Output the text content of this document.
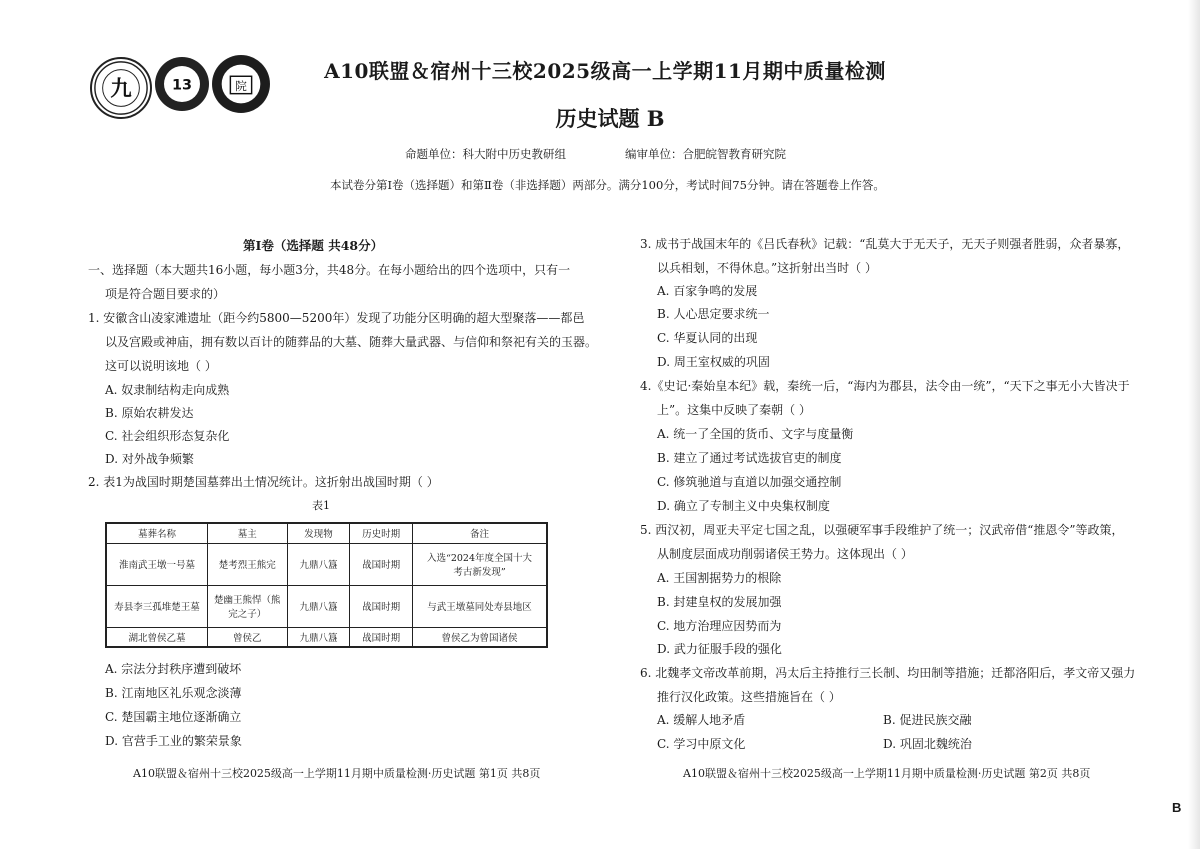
九	13	院
A10联盟＆宿州十三校2025级高一上学期11月期中质量检测
历史试题 B
命题单位：科大附中历史教研组	编审单位：合肥皖智教育研究院
本试卷分第Ⅰ卷（选择题）和第Ⅱ卷（非选择题）两部分。满分100分，考试时间75分钟。请在答题卷上作答。
第Ⅰ卷（选择题 共48分）
一、选择题（本大题共16小题，每小题3分，共48分。在每小题给出的四个选项中，只有一
项是符合题目要求的）
1. 安徽含山凌家滩遗址（距今约5800—5200年）发现了功能分区明确的超大型聚落——都邑
以及宫殿或神庙，拥有数以百计的随葬品的大墓、随葬大量武器、与信仰和祭祀有关的玉器。
这可以说明该地（ ）
A. 奴隶制结构走向成熟
B. 原始农耕发达
C. 社会组织形态复杂化
D. 对外战争频繁
2. 表1为战国时期楚国墓葬出土情况统计。这折射出战国时期（ ）
表1
墓葬名称	墓主	发现物	历史时期	备注
淮南武王墩一号墓	楚考烈王熊完	九鼎八簋	战国时期	入选“2024年度全国十大
考古新发现”
寿县李三孤堆楚王墓	楚幽王熊悍（熊
完之子）	九鼎八簋	战国时期	与武王墩墓同处寿县地区
湖北曾侯乙墓	曾侯乙	九鼎八簋	战国时期	曾侯乙为曾国诸侯
A. 宗法分封秩序遭到破坏
B. 江南地区礼乐观念淡薄
C. 楚国霸主地位逐渐确立
D. 官营手工业的繁荣景象
A10联盟＆宿州十三校2025级高一上学期11月期中质量检测·历史试题 第1页 共8页
3. 成书于战国末年的《吕氏春秋》记载：“乱莫大于无天子，无天子则强者胜弱，众者暴寡，
以兵相刬，不得休息。”这折射出当时（ ）
A. 百家争鸣的发展
B. 人心思定要求统一
C. 华夏认同的出现
D. 周王室权威的巩固
4.《史记·秦始皇本纪》载，秦统一后，“海内为郡县，法令由一统”，“天下之事无小大皆决于
上”。这集中反映了秦朝（ ）
A. 统一了全国的货币、文字与度量衡
B. 建立了通过考试选拔官吏的制度
C. 修筑驰道与直道以加强交通控制
D. 确立了专制主义中央集权制度
5. 西汉初，周亚夫平定七国之乱，以强硬军事手段维护了统一；汉武帝借“推恩令”等政策，
从制度层面成功削弱诸侯王势力。这体现出（ ）
A. 王国割据势力的根除
B. 封建皇权的发展加强
C. 地方治理应因势而为
D. 武力征服手段的强化
6. 北魏孝文帝改革前期，冯太后主持推行三长制、均田制等措施；迁都洛阳后，孝文帝又强力
推行汉化政策。这些措施旨在（ ）
A. 缓解人地矛盾	B. 促进民族交融
C. 学习中原文化	D. 巩固北魏统治
A10联盟＆宿州十三校2025级高一上学期11月期中质量检测·历史试题 第2页 共8页
B
